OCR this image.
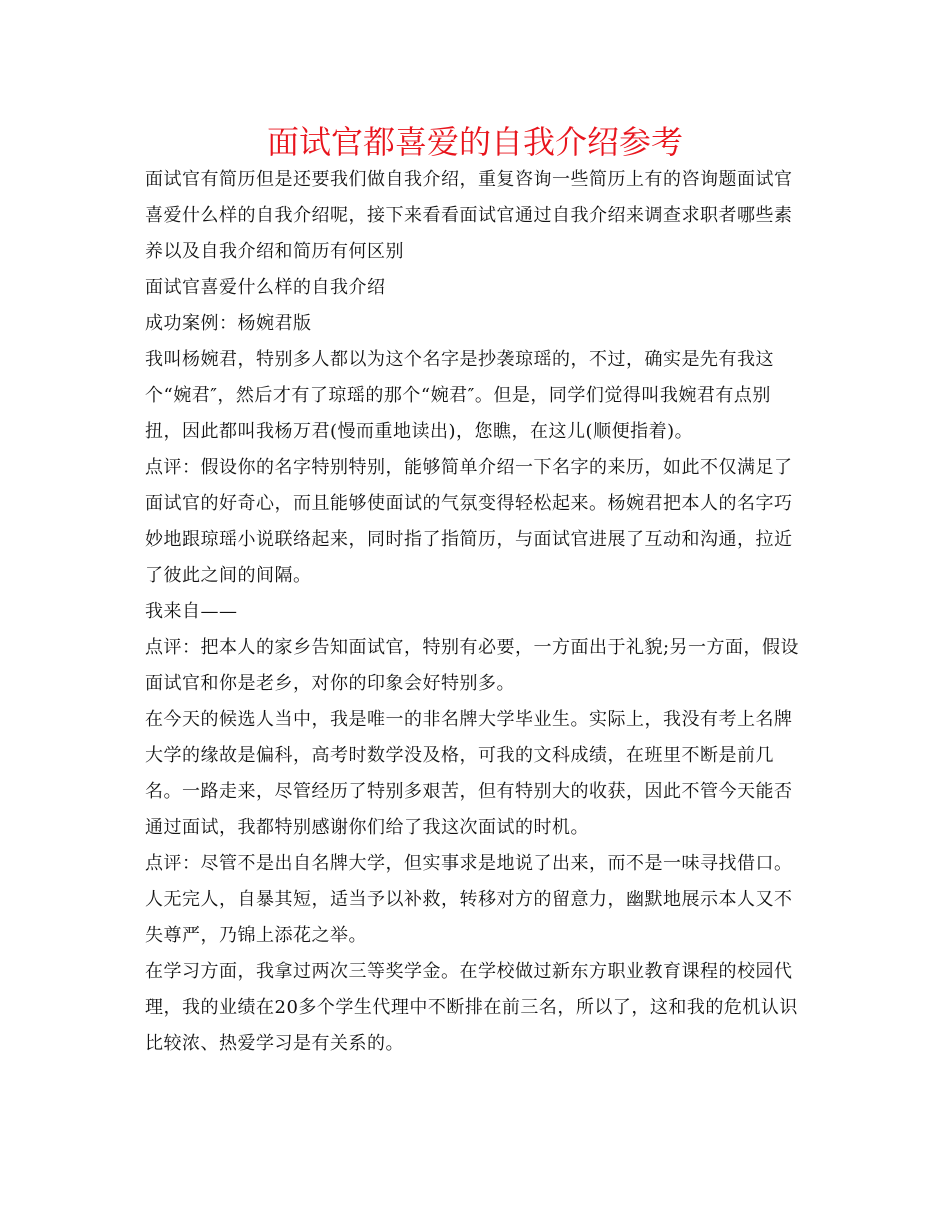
面试官都喜爱的自我介绍参考
面试官有简历但是还要我们做自我介绍，重复咨询一些简历上有的咨询题面试官
喜爱什么样的自我介绍呢，接下来看看面试官通过自我介绍来调查求职者哪些素
养以及自我介绍和简历有何区别
面试官喜爱什么样的自我介绍
成功案例：杨婉君版
我叫杨婉君，特别多人都以为这个名字是抄袭琼瑶的，不过，确实是先有我这
个“婉君″，然后才有了琼瑶的那个“婉君″。但是，同学们觉得叫我婉君有点别
扭，因此都叫我杨万君(慢而重地读出)，您瞧，在这儿(顺便指着)。
点评：假设你的名字特别特别，能够简单介绍一下名字的来历，如此不仅满足了
面试官的好奇心，而且能够使面试的气氛变得轻松起来。杨婉君把本人的名字巧
妙地跟琼瑶小说联络起来，同时指了指简历，与面试官进展了互动和沟通，拉近
了彼此之间的间隔。
我来自——
点评：把本人的家乡告知面试官，特别有必要，一方面出于礼貌;另一方面，假设
面试官和你是老乡，对你的印象会好特别多。
在今天的候选人当中，我是唯一的非名牌大学毕业生。实际上，我没有考上名牌
大学的缘故是偏科，高考时数学没及格，可我的文科成绩，在班里不断是前几
名。一路走来，尽管经历了特别多艰苦，但有特别大的收获，因此不管今天能否
通过面试，我都特别感谢你们给了我这次面试的时机。
点评：尽管不是出自名牌大学，但实事求是地说了出来，而不是一味寻找借口。
人无完人，自暴其短，适当予以补救，转移对方的留意力，幽默地展示本人又不
失尊严，乃锦上添花之举。
在学习方面，我拿过两次三等奖学金。在学校做过新东方职业教育课程的校园代
理，我的业绩在20多个学生代理中不断排在前三名，所以了，这和我的危机认识
比较浓、热爱学习是有关系的。
